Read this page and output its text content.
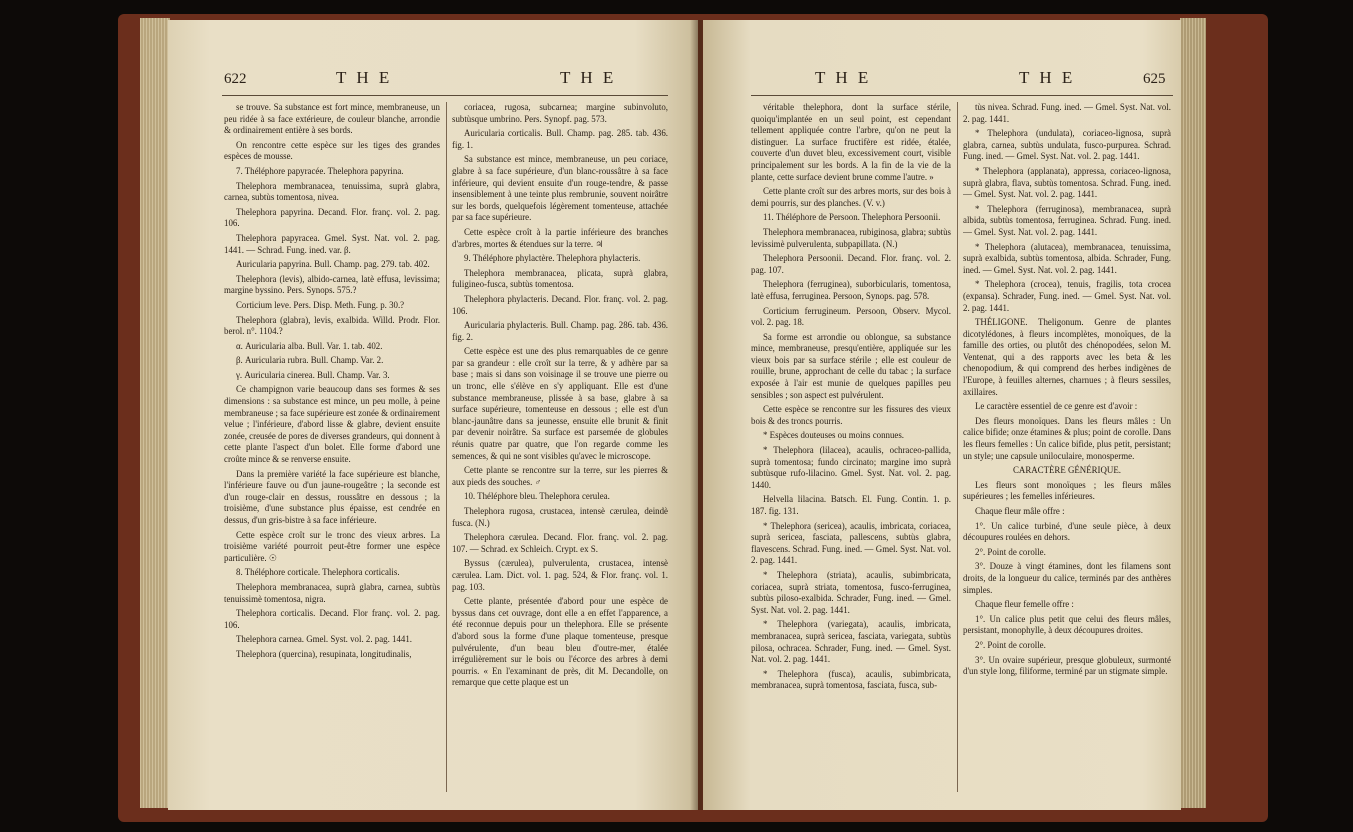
622	T H E	T H E

se trouve. Sa substance est fort mince, membraneuse, un peu ridée à sa face extérieure, de couleur blanche, arrondie & ordinairement entière à ses bords.

On rencontre cette espèce sur les tiges des grandes espèces de mousse.

7. Théléphore papyracée. Thelephora papyrina.

Thelephora membranacea, tenuissima, suprà glabra, carnea, subtùs tomentosa, nivea.

Thelephora papyrina. Decand. Flor. franç. vol. 2. pag. 106.

Thelephora papyracea. Gmel. Syst. Nat. vol. 2. pag. 1441. — Schrad. Fung. ined. var. β.

Auricularia papyrina. Bull. Champ. pag. 279. tab. 402.

Thelephora (levis), albido-carnea, latè effusa, levissima; margine byssino. Pers. Synops. 575.?

Corticium leve. Pers. Disp. Meth. Fung. p. 30.?

Thelephora (glabra), levis, exalbida. Willd. Prodr. Flor. berol. n°. 1104.?

α. Auricularia alba. Bull. Var. 1. tab. 402.

β. Auricularia rubra. Bull. Champ. Var. 2.

γ. Auricularia cinerea. Bull. Champ. Var. 3.

Ce champignon varie beaucoup dans ses formes & ses dimensions : sa substance est mince, un peu molle, à peine membraneuse ; sa face supérieure est zonée & ordinairement velue ; l'inférieure, d'abord lisse & glabre, devient ensuite zonée, creusée de pores de diverses grandeurs, qui donnent à cette plante l'aspect d'un bolet. Elle forme d'abord une croûte mince & se renverse ensuite.

Dans la première variété la face supérieure est blanche, l'inférieure fauve ou d'un jaune-rougeâtre ; la seconde est d'un rouge-clair en dessus, roussâtre en dessous ; la troisième, d'une substance plus épaisse, est cendrée en dessus, d'un gris-bistre à sa face inférieure.

Cette espèce croît sur le tronc des vieux arbres. La troisième variété pourroit peut-être former une espèce particulière. ☉

8. Théléphore corticale. Thelephora corticalis.

Thelephora membranacea, suprà glabra, carnea, subtùs tenuissimè tomentosa, nigra.

Thelephora corticalis. Decand. Flor franç. vol. 2. pag. 106.

Thelephora carnea. Gmel. Syst. vol. 2. pag. 1441.

Thelephora (quercina), resupinata, longitudinalis,

coriacea, rugosa, subcarnea; margine subinvoluto, subtùsque umbrino. Pers. Synopf. pag. 573.

Auricularia corticalis. Bull. Champ. pag. 285. tab. 436. fig. 1.

Sa substance est mince, membraneuse, un peu coriace, glabre à sa face supérieure, d'un blanc-roussâtre à sa face inférieure, qui devient ensuite d'un rouge-tendre, & passe insensiblement à une teinte plus rembrunie, souvent noirâtre sur les bords, quelquefois légèrement tomenteuse, attachée par sa face supérieure.

Cette espèce croît à la partie inférieure des branches d'arbres, mortes & étendues sur la terre. ♃

9. Théléphore phylactère. Thelephora phylacteris.

Thelephora membranacea, plicata, suprà glabra, fuligineo-fusca, subtùs tomentosa.

Thelephora phylacteris. Decand. Flor. franç. vol. 2. pag. 106.

Auricularia phylacteris. Bull. Champ. pag. 286. tab. 436. fig. 2.

Cette espèce est une des plus remarquables de ce genre par sa grandeur : elle croît sur la terre, & y adhère par sa base ; mais si dans son voisinage il se trouve une pierre ou un tronc, elle s'élève en s'y appliquant. Elle est d'une substance membraneuse, plissée à sa base, glabre à sa surface supérieure, tomenteuse en dessous ; elle est d'un blanc-jaunâtre dans sa jeunesse, ensuite elle brunit & finit par devenir noirâtre. Sa surface est parsemée de globules réunis quatre par quatre, que l'on regarde comme les semences, & qui ne sont visibles qu'avec le microscope.

Cette plante se rencontre sur la terre, sur les pierres & aux pieds des souches. ♂

10. Théléphore bleu. Thelephora cerulea.

Thelephora rugosa, crustacea, intensè cærulea, deindè fusca. (N.)

Thelephora cærulea. Decand. Flor. franç. vol. 2. pag. 107. — Schrad. ex Schleich. Crypt. ex S.

Byssus (cærulea), pulverulenta, crustacea, intensè cærulea. Lam. Dict. vol. 1. pag. 524, & Flor. franç. vol. 1. pag. 103.

Cette plante, présentée d'abord pour une espèce de byssus dans cet ouvrage, dont elle a en effet l'apparence, a été reconnue depuis pour un thelephora. Elle se présente d'abord sous la forme d'une plaque tomenteuse, presque pulvérulente, d'un beau bleu d'outre-mer, étalée irrégulièrement sur le bois ou l'écorce des arbres à demi pourris. « En l'examinant de près, dit M. Decandolle, on remarque que cette plaque est un

T H E	T H E	625

véritable thelephora, dont la surface stérile, quoiqu'implantée en un seul point, est cependant tellement appliquée contre l'arbre, qu'on ne peut la distinguer. La surface fructifère est ridée, étalée, couverte d'un duvet bleu, excessivement court, visible principalement sur les bords. A la fin de la vie de la plante, cette surface devient brune comme l'autre. »

Cette plante croît sur des arbres morts, sur des bois à demi pourris, sur des planches. (V. v.)

11. Théléphore de Persoon. Thelephora Persoonii.

Thelephora membranacea, rubiginosa, glabra; subtùs levissimè pulverulenta, subpapillata. (N.)

Thelephora Persoonii. Decand. Flor. franç. vol. 2. pag. 107.

Thelephora (ferruginea), suborbicularis, tomentosa, latè effusa, ferruginea. Persoon, Synops. pag. 578.

Corticium ferrugineum. Persoon, Observ. Mycol. vol. 2. pag. 18.

Sa forme est arrondie ou oblongue, sa substance mince, membraneuse, presqu'entière, appliquée sur les vieux bois par sa surface stérile ; elle est couleur de rouille, brune, approchant de celle du tabac ; la surface exposée à l'air est munie de quelques papilles peu sensibles ; son aspect est pulvérulent.

Cette espèce se rencontre sur les fissures des vieux bois & des troncs pourris.

* Espèces douteuses ou moins connues.

* Thelephora (lilacea), acaulis, ochraceo-pallida, suprà tomentosa; fundo circinato; margine imo suprà subtùsque rufo-lilacino. Gmel. Syst. Nat. vol. 2. pag. 1440.

Helvella lilacina. Batsch. El. Fung. Contin. 1. p. 187. fig. 131.

* Thelephora (sericea), acaulis, imbricata, coriacea, suprà sericea, fasciata, pallescens, subtùs glabra, flavescens. Schrad. Fung. ined. — Gmel. Syst. Nat. vol. 2. pag. 1441.

* Thelephora (striata), acaulis, subimbricata, coriacea, suprà striata, tomentosa, fusco-ferruginea, subtùs piloso-exalbida. Schrader, Fung. ined. — Gmel. Syst. Nat. vol. 2. pag. 1441.

* Thelephora (variegata), acaulis, imbricata, membranacea, suprà sericea, fasciata, variegata, subtùs pilosa, ochracea. Schrader, Fung. ined. — Gmel. Syst. Nat. vol. 2. pag. 1441.

* Thelephora (fusca), acaulis, subimbricata, membranacea, suprà tomentosa, fasciata, fusca, sub-

tùs nivea. Schrad. Fung. ined. — Gmel. Syst. Nat. vol. 2. pag. 1441.

* Thelephora (undulata), coriaceo-lignosa, suprà glabra, carnea, subtùs undulata, fusco-purpurea. Schrad. Fung. ined. — Gmel. Syst. Nat. vol. 2. pag. 1441.

* Thelephora (applanata), appressa, coriaceo-lignosa, suprà glabra, flava, subtùs tomentosa. Schrad. Fung. ined. — Gmel. Syst. Nat. vol. 2. pag. 1441.

* Thelephora (ferruginosa), membranacea, suprà albida, subtùs tomentosa, ferruginea. Schrad. Fung. ined. — Gmel. Syst. Nat. vol. 2. pag. 1441.

* Thelephora (alutacea), membranacea, tenuissima, suprà exalbida, subtùs tomentosa, albida. Schrader, Fung. ined. — Gmel. Syst. Nat. vol. 2. pag. 1441.

* Thelephora (crocea), tenuis, fragilis, tota crocea (expansa). Schrader, Fung. ined. — Gmel. Syst. Nat. vol. 2. pag. 1441.

THÉLIGONE. Theligonum. Genre de plantes dicotylédones, à fleurs incomplètes, monoïques, de la famille des orties, ou plutôt des chénopodées, selon M. Ventenat, qui a des rapports avec les beta & les chenopodium, & qui comprend des herbes indigènes de l'Europe, à feuilles alternes, charnues ; à fleurs sessiles, axillaires.

Le caractère essentiel de ce genre est d'avoir :

Des fleurs monoïques. Dans les fleurs mâles : Un calice bifide; onze étamines & plus; point de corolle. Dans les fleurs femelles : Un calice bifide, plus petit, persistant; un style; une capsule uniloculaire, monosperme.

CARACTÈRE GÉNÉRIQUE.

Les fleurs sont monoïques ; les fleurs mâles supérieures ; les femelles inférieures.

Chaque fleur mâle offre :

1°. Un calice turbiné, d'une seule pièce, à deux découpures roulées en dehors.

2°. Point de corolle.

3°. Douze à vingt étamines, dont les filamens sont droits, de la longueur du calice, terminés par des anthères simples.

Chaque fleur femelle offre :

1°. Un calice plus petit que celui des fleurs mâles, persistant, monophylle, à deux découpures droites.

2°. Point de corolle.

3°. Un ovaire supérieur, presque globuleux, surmonté d'un style long, filiforme, terminé par un stigmate simple.
